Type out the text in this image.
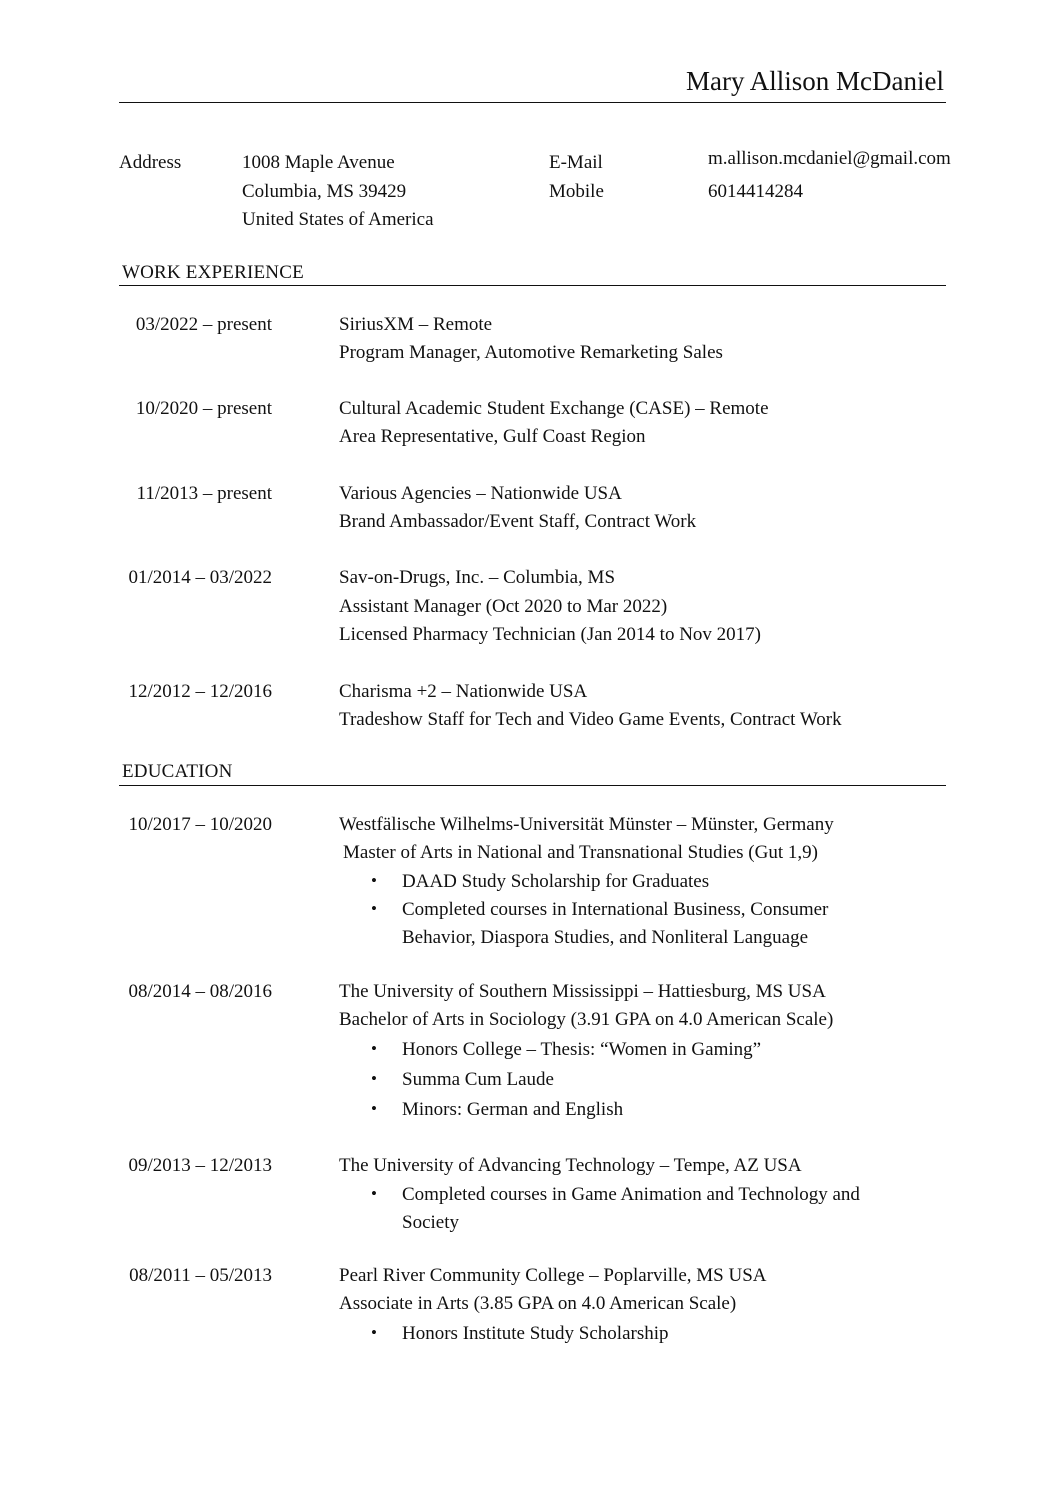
Mary Allison McDaniel
Address	1008 Maple Avenue
Columbia, MS 39429
United States of America
E-Mail	m.allison.mcdaniel@gmail.com
Mobile	6014414284
WORK EXPERIENCE
03/2022 – present	SiriusXM – Remote
Program Manager, Automotive Remarketing Sales
10/2020 – present	Cultural Academic Student Exchange (CASE) – Remote
Area Representative, Gulf Coast Region
11/2013 – present	Various Agencies – Nationwide USA
Brand Ambassador/Event Staff, Contract Work
01/2014 – 03/2022	Sav-on-Drugs, Inc. – Columbia, MS
Assistant Manager (Oct 2020 to Mar 2022)
Licensed Pharmacy Technician (Jan 2014 to Nov 2017)
12/2012 – 12/2016	Charisma +2 – Nationwide USA
Tradeshow Staff for Tech and Video Game Events, Contract Work
EDUCATION
10/2017 – 10/2020	Westfälische Wilhelms-Universität Münster – Münster, Germany
Master of Arts in National and Transnational Studies (Gut 1,9)
• DAAD Study Scholarship for Graduates
• Completed courses in International Business, Consumer
Behavior, Diaspora Studies, and Nonliteral Language
08/2014 – 08/2016	The University of Southern Mississippi – Hattiesburg, MS USA
Bachelor of Arts in Sociology (3.91 GPA on 4.0 American Scale)
• Honors College – Thesis: “Women in Gaming”
• Summa Cum Laude
• Minors: German and English
09/2013 – 12/2013	The University of Advancing Technology – Tempe, AZ USA
• Completed courses in Game Animation and Technology and
Society
08/2011 – 05/2013	Pearl River Community College – Poplarville, MS USA
Associate in Arts (3.85 GPA on 4.0 American Scale)
• Honors Institute Study Scholarship
